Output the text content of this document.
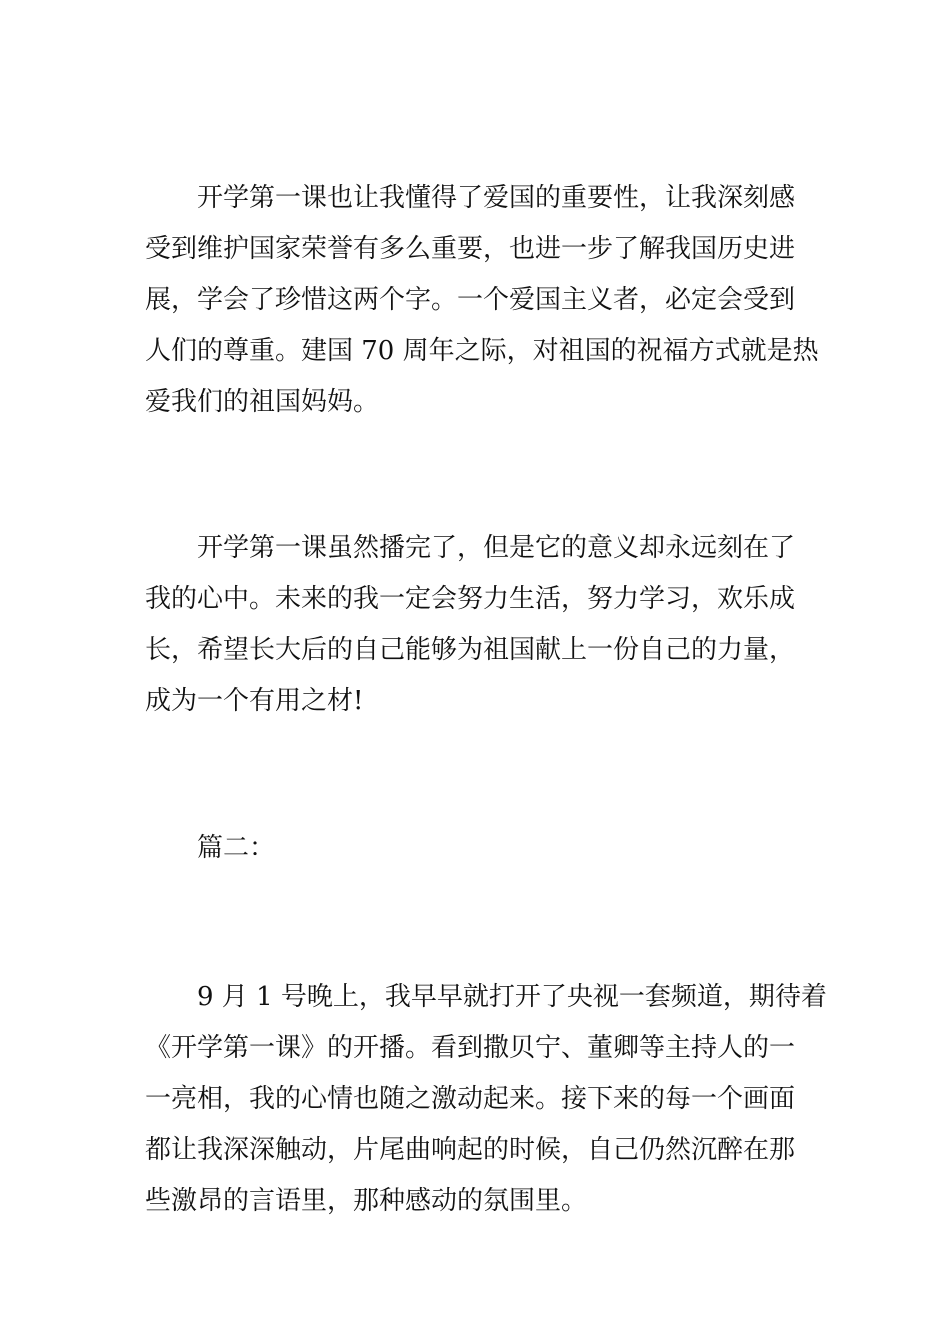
开学第一课也让我懂得了爱国的重要性，让我深刻感

受到维护国家荣誉有多么重要，也进一步了解我国历史进

展，学会了珍惜这两个字。一个爱国主义者，必定会受到

人们的尊重。建国 70 周年之际，对祖国的祝福方式就是热

爱我们的祖国妈妈。

开学第一课虽然播完了，但是它的意义却永远刻在了

我的心中。未来的我一定会努力生活，努力学习，欢乐成

长，希望长大后的自己能够为祖国献上一份自己的力量，

成为一个有用之材!

篇二：

9 月 1 号晚上，我早早就打开了央视一套频道，期待着

《开学第一课》的开播。看到撒贝宁、董卿等主持人的一

一亮相，我的心情也随之激动起来。接下来的每一个画面

都让我深深触动，片尾曲响起的时候，自己仍然沉醉在那

些激昂的言语里，那种感动的氛围里。
